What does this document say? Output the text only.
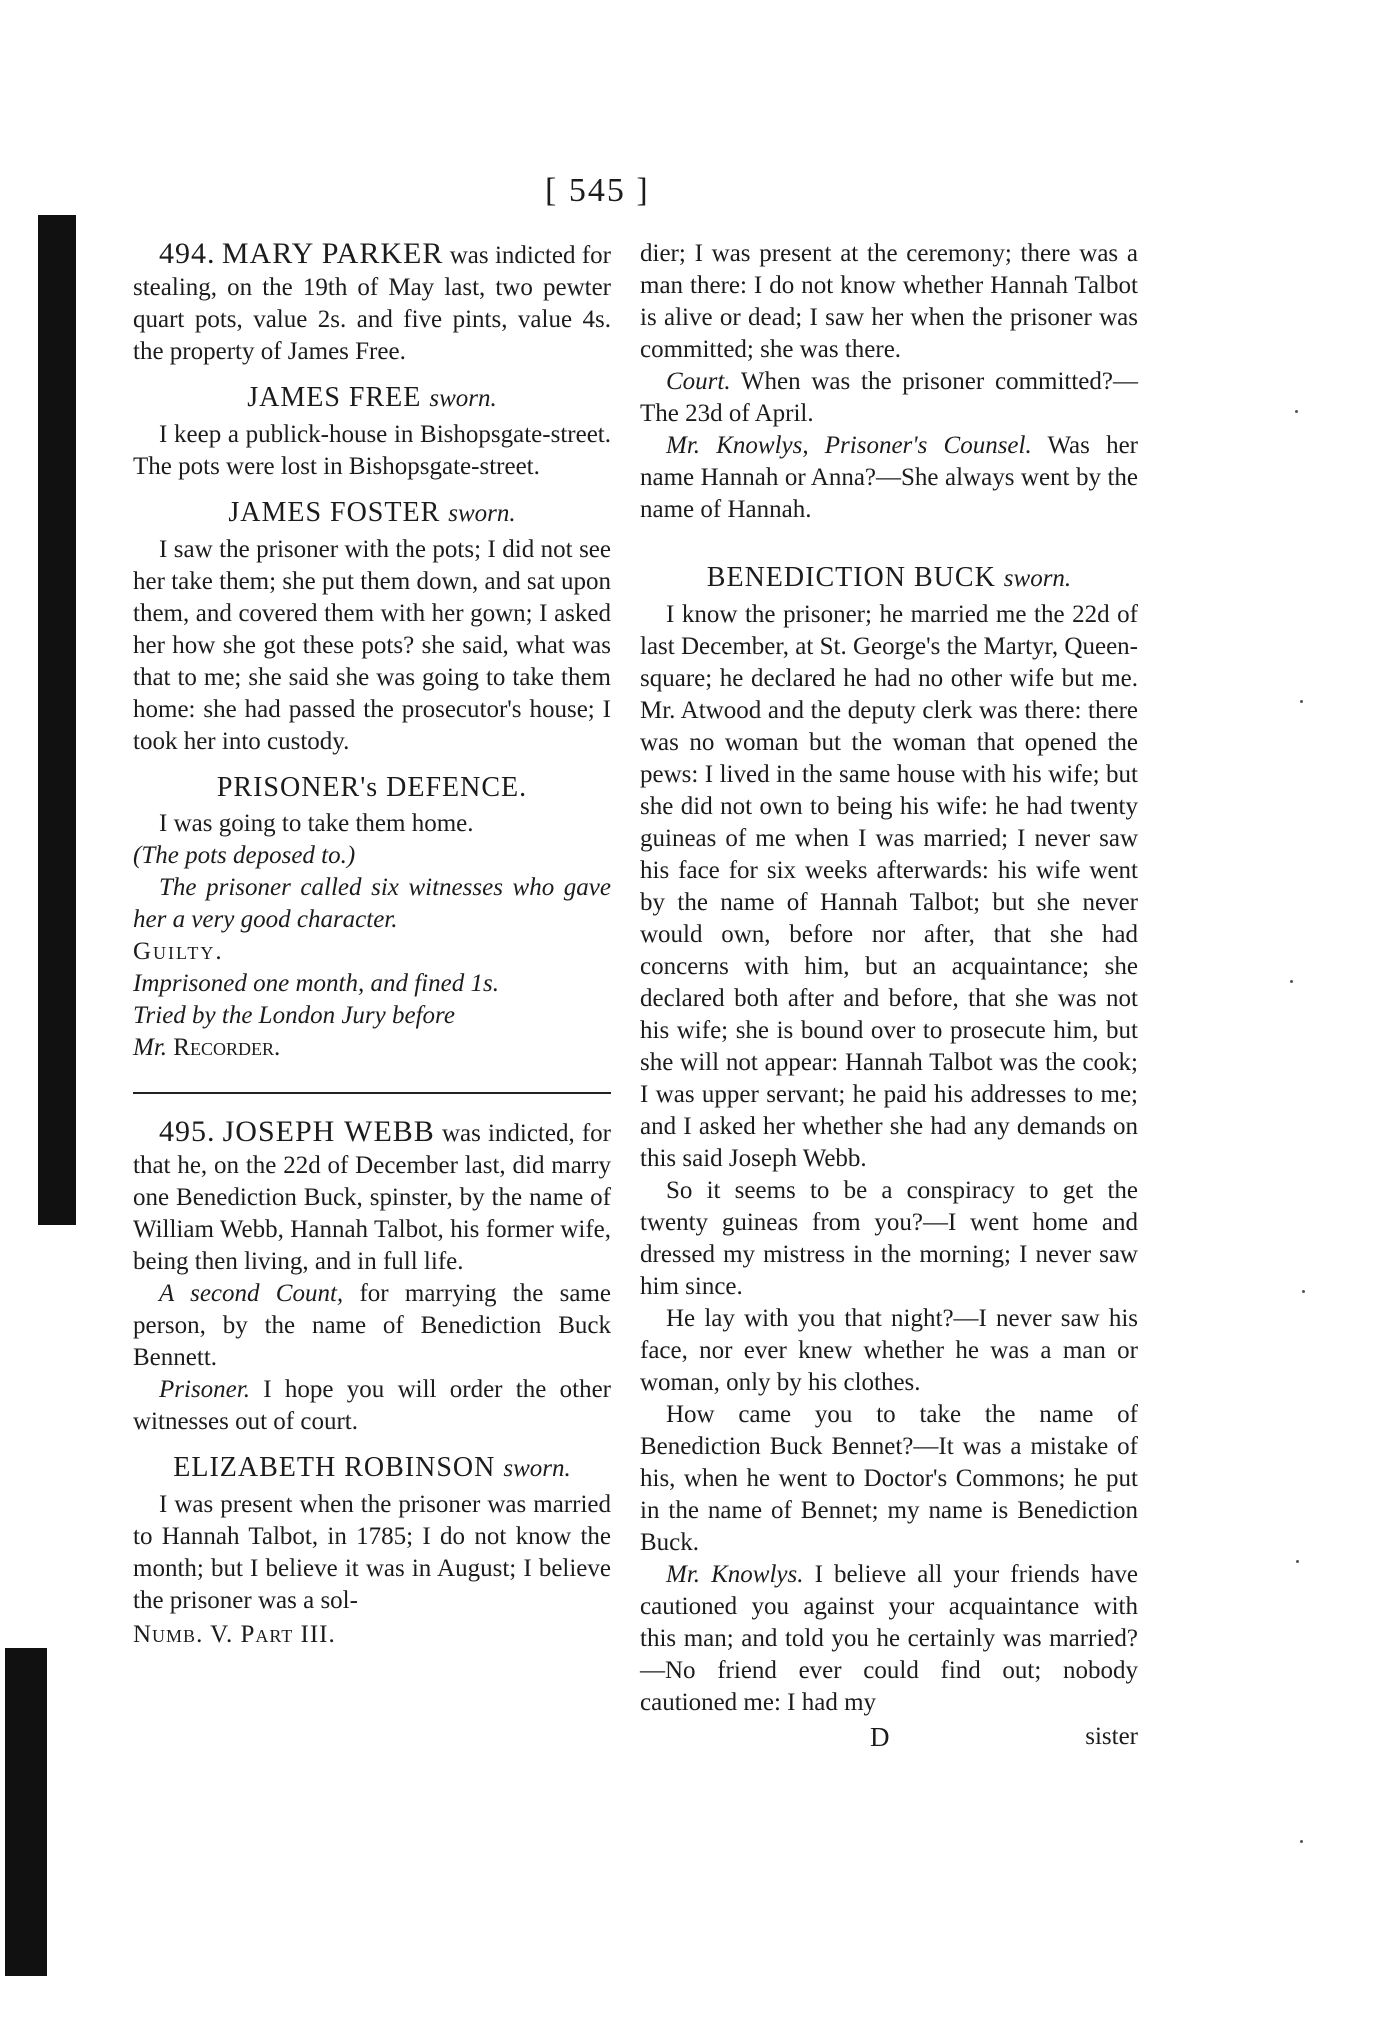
[ 545 ]

494. MARY PARKER was indicted for stealing, on the 19th of May last, two pewter quart pots, value 2s. and five pints, value 4s. the property of James Free.

JAMES FREE sworn.

I keep a publick-house in Bishopsgate-street. The pots were lost in Bishopsgate-street.

JAMES FOSTER sworn.

I saw the prisoner with the pots; I did not see her take them; she put them down, and sat upon them, and covered them with her gown; I asked her how she got these pots? she said, what was that to me; she said she was going to take them home: she had passed the prosecutor's house; I took her into custody.

PRISONER's DEFENCE.

I was going to take them home.

(The pots deposed to.)

The prisoner called six witnesses who gave her a very good character.

Guilty.

Imprisoned one month, and fined 1s.

Tried by the London Jury before

Mr. Recorder.

495. JOSEPH WEBB was indicted, for that he, on the 22d of December last, did marry one Benediction Buck, spinster, by the name of William Webb, Hannah Talbot, his former wife, being then living, and in full life.

A second Count, for marrying the same person, by the name of Benediction Buck Bennett.

Prisoner. I hope you will order the other witnesses out of court.

ELIZABETH ROBINSON sworn.

I was present when the prisoner was married to Hannah Talbot, in 1785; I do not know the month; but I believe it was in August; I believe the prisoner was a sol-

Numb. V. Part III.

dier; I was present at the ceremony; there was a man there: I do not know whether Hannah Talbot is alive or dead; I saw her when the prisoner was committed; she was there.

Court. When was the prisoner committed?—The 23d of April.

Mr. Knowlys, Prisoner's Counsel. Was her name Hannah or Anna?—She always went by the name of Hannah.

BENEDICTION BUCK sworn.

I know the prisoner; he married me the 22d of last December, at St. George's the Martyr, Queen-square; he declared he had no other wife but me. Mr. Atwood and the deputy clerk was there: there was no woman but the woman that opened the pews: I lived in the same house with his wife; but she did not own to being his wife: he had twenty guineas of me when I was married; I never saw his face for six weeks afterwards: his wife went by the name of Hannah Talbot; but she never would own, before nor after, that she had concerns with him, but an acquaintance; she declared both after and before, that she was not his wife; she is bound over to prosecute him, but she will not appear: Hannah Talbot was the cook; I was upper servant; he paid his addresses to me; and I asked her whether she had any demands on this said Joseph Webb.

So it seems to be a conspiracy to get the twenty guineas from you?—I went home and dressed my mistress in the morning; I never saw him since.

He lay with you that night?—I never saw his face, nor ever knew whether he was a man or woman, only by his clothes.

How came you to take the name of Benediction Buck Bennet?—It was a mistake of his, when he went to Doctor's Commons; he put in the name of Bennet; my name is Benediction Buck.

Mr. Knowlys. I believe all your friends have cautioned you against your acquaintance with this man; and told you he certainly was married?—No friend ever could find out; nobody cautioned me: I had my

D	sister
